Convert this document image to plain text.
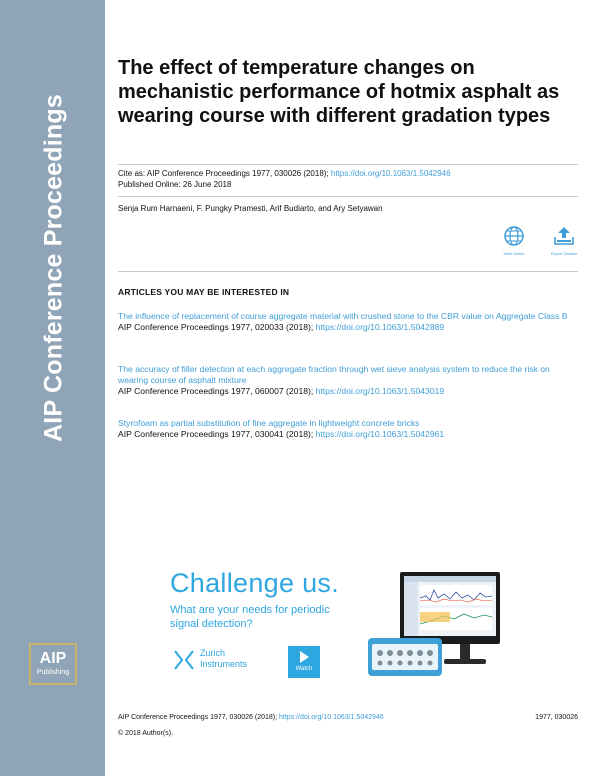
AIP Conference Proceedings
AIP
Publishing
The effect of temperature changes on mechanistic performance of hotmix asphalt as wearing course with different gradation types
Cite as: AIP Conference Proceedings 1977, 030026 (2018); https://doi.org/10.1063/1.5042946
Published Online: 26 June 2018
Senja Rum Harnaeni, F. Pungky Pramesti, Arif Budiarto, and Ary Setyawan
View Online	Export Citation
ARTICLES YOU MAY BE INTERESTED IN
The influence of replacement of course aggregate material with crushed stone to the CBR value on Aggregate Class B
AIP Conference Proceedings 1977, 020033 (2018); https://doi.org/10.1063/1.5042889
The accuracy of filler detection at each aggregate fraction through wet sieve analysis system to reduce the risk on wearing course of asphalt mixture
AIP Conference Proceedings 1977, 060007 (2018); https://doi.org/10.1063/1.5043019
Styrofoam as partial substitution of fine aggregate in lightweight concrete bricks
AIP Conference Proceedings 1977, 030041 (2018); https://doi.org/10.1063/1.5042961
Challenge us.
What are your needs for periodic
signal detection?
Zurich
Instruments	Watch
AIP Conference Proceedings 1977, 030026 (2018); https://doi.org/10.1063/1.5042946	1977, 030026
© 2018 Author(s).
